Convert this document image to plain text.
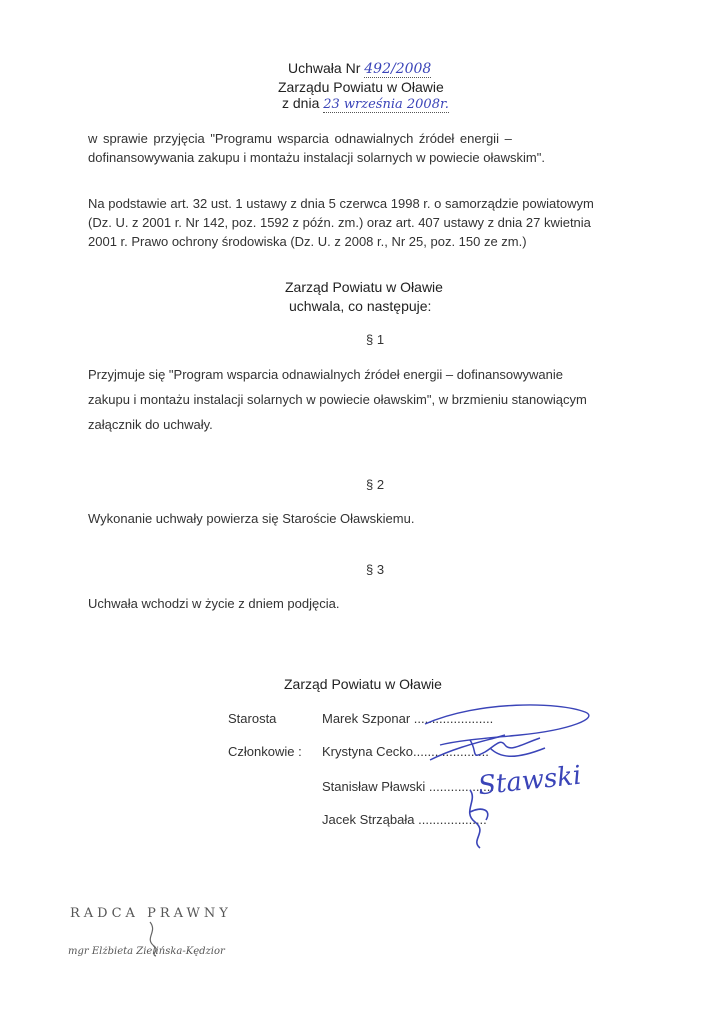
Uchwała Nr 492/2008
Zarządu Powiatu w Oławie
z dnia 23 września 2008r.
w sprawie przyjęcia "Programu wsparcia odnawialnych źródeł energii –
dofinansowywania zakupu i montażu instalacji solarnych w powiecie oławskim".
Na podstawie art. 32 ust. 1 ustawy z dnia 5 czerwca 1998 r. o samorządzie powiatowym
(Dz. U. z 2001 r. Nr 142, poz. 1592 z późn. zm.) oraz art. 407 ustawy z dnia 27 kwietnia
2001 r. Prawo ochrony środowiska (Dz. U. z 2008 r., Nr 25, poz. 150 ze zm.)
Zarząd Powiatu w Oławie
uchwala, co następuje:
§ 1
Przyjmuje się "Program wsparcia odnawialnych źródeł energii – dofinansowywanie
zakupu i montażu instalacji solarnych w powiecie oławskim", w brzmieniu stanowiącym
załącznik do uchwały.
§ 2
Wykonanie uchwały powierza się Staroście Oławskiemu.
§ 3
Uchwała wchodzi w życie z dniem podjęcia.
Zarząd Powiatu w Oławie
Starosta	Marek Szponar ......................
Członkowie : Krystyna Cecko.....................
Stanisław Pławski ..................
Jacek Strząbała ...................
Stawski
RADCA PRAWNY
mgr Elżbieta Zielińska-Kędzior
